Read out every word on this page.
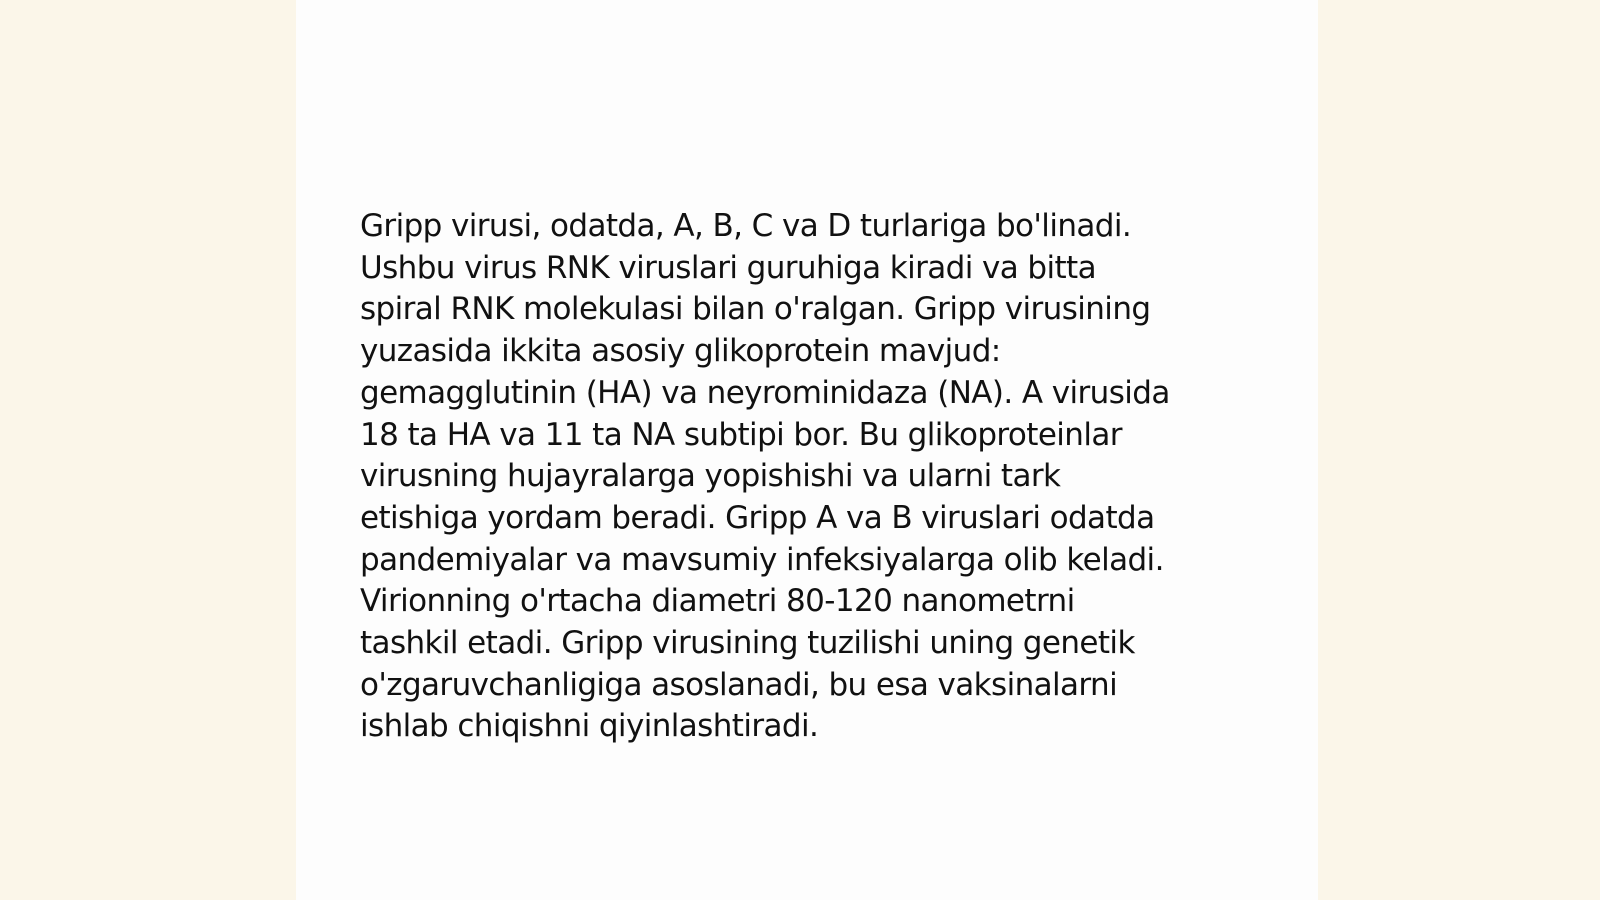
Gripp virusi, odatda, A, B, C va D turlariga bo'linadi.
Ushbu virus RNK viruslari guruhiga kiradi va bitta
spiral RNK molekulasi bilan o'ralgan. Gripp virusining
yuzasida ikkita asosiy glikoprotein mavjud:
gemagglutinin (HA) va neyrominidaza (NA). A virusida
18 ta HA va 11 ta NA subtipi bor. Bu glikoproteinlar
virusning hujayralarga yopishishi va ularni tark
etishiga yordam beradi. Gripp A va B viruslari odatda
pandemiyalar va mavsumiy infeksiyalarga olib keladi.
Virionning o'rtacha diametri 80-120 nanometrni
tashkil etadi. Gripp virusining tuzilishi uning genetik
o'zgaruvchanligiga asoslanadi, bu esa vaksinalarni
ishlab chiqishni qiyinlashtiradi.
